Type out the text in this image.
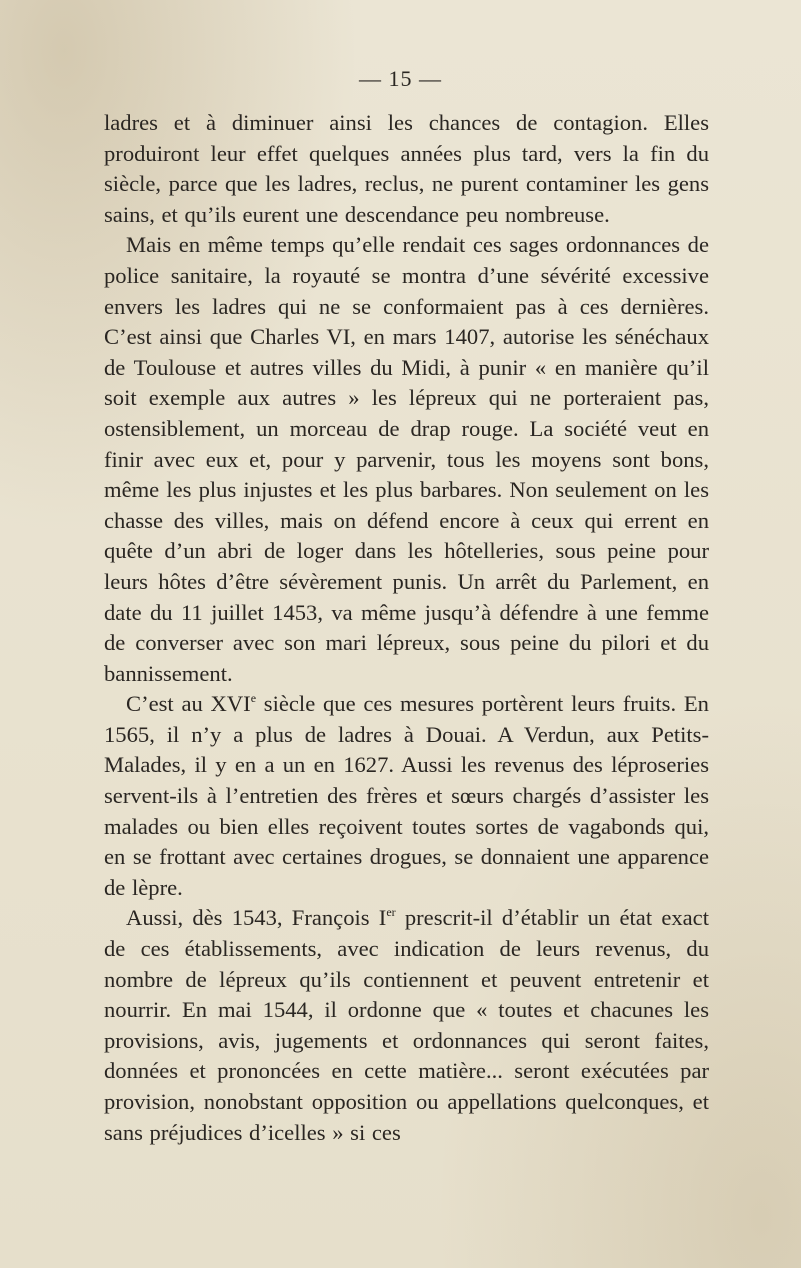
— 15 —

ladres et à diminuer ainsi les chances de contagion. Elles produiront leur effet quelques années plus tard, vers la fin du siècle, parce que les ladres, reclus, ne purent contaminer les gens sains, et qu’ils eurent une descendance peu nombreuse.

Mais en même temps qu’elle rendait ces sages ordonnances de police sanitaire, la royauté se montra d’une sévérité excessive envers les ladres qui ne se conformaient pas à ces dernières. C’est ainsi que Charles VI, en mars 1407, autorise les sénéchaux de Toulouse et autres villes du Midi, à punir « en manière qu’il soit exemple aux autres » les lépreux qui ne porteraient pas, ostensiblement, un morceau de drap rouge. La société veut en finir avec eux et, pour y parvenir, tous les moyens sont bons, même les plus injustes et les plus barbares. Non seulement on les chasse des villes, mais on défend encore à ceux qui errent en quête d’un abri de loger dans les hôtelleries, sous peine pour leurs hôtes d’être sévèrement punis. Un arrêt du Parlement, en date du 11 juillet 1453, va même jusqu’à défendre à une femme de converser avec son mari lépreux, sous peine du pilori et du bannissement.

C’est au XVIe siècle que ces mesures portèrent leurs fruits. En 1565, il n’y a plus de ladres à Douai. A Verdun, aux Petits-Malades, il y en a un en 1627. Aussi les revenus des léproseries servent-ils à l’entretien des frères et sœurs chargés d’assister les malades ou bien elles reçoivent toutes sortes de vagabonds qui, en se frottant avec certaines drogues, se donnaient une apparence de lèpre.

Aussi, dès 1543, François Ier prescrit-il d’établir un état exact de ces établissements, avec indication de leurs revenus, du nombre de lépreux qu’ils contiennent et peuvent entretenir et nourrir. En mai 1544, il ordonne que « toutes et chacunes les provisions, avis, jugements et ordonnances qui seront faites, données et prononcées en cette matière... seront exécutées par provision, nonobstant opposition ou appellations quelconques, et sans préjudices d’icelles » si ces
